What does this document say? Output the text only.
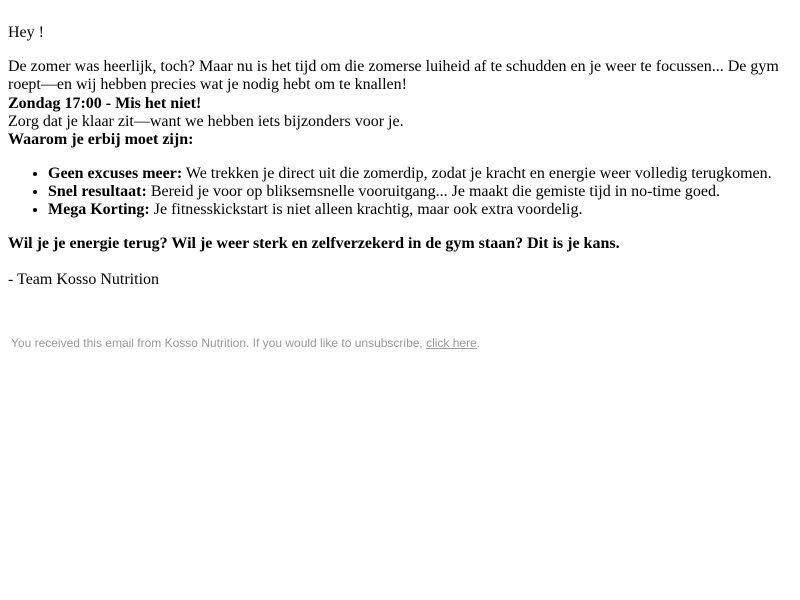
Hey !

De zomer was heerlijk, toch? Maar nu is het tijd om die zomerse luiheid af te schudden en je weer te focussen... De gym roept—en wij hebben precies wat je nodig hebt om te knallen!
Zondag 17:00 - Mis het niet!
Zorg dat je klaar zit—want we hebben iets bijzonders voor je.
Waarom je erbij moet zijn:
• Geen excuses meer: We trekken je direct uit die zomerdip, zodat je kracht en energie weer volledig terugkomen.
• Snel resultaat: Bereid je voor op bliksemsnelle vooruitgang... Je maakt die gemiste tijd in no-time goed.
• Mega Korting: Je fitnesskickstart is niet alleen krachtig, maar ook extra voordelig.

Wil je je energie terug? Wil je weer sterk en zelfverzekerd in de gym staan? Dit is je kans.

- Team Kosso Nutrition

You received this email from Kosso Nutrition. If you would like to unsubscribe, click here.
